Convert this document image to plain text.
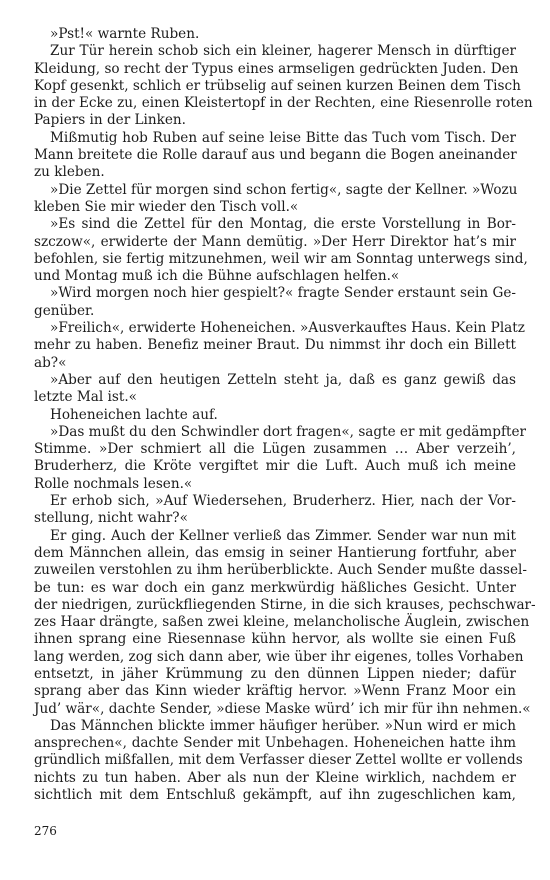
»Pst!« warnte Ruben.
Zur Tür herein schob sich ein kleiner, hagerer Mensch in dürftiger
Kleidung, so recht der Typus eines armseligen gedrückten Juden. Den
Kopf gesenkt, schlich er trübselig auf seinen kurzen Beinen dem Tisch
in der Ecke zu, einen Kleistertopf in der Rechten, eine Riesenrolle roten
Papiers in der Linken.
Mißmutig hob Ruben auf seine leise Bitte das Tuch vom Tisch. Der
Mann breitete die Rolle darauf aus und begann die Bogen aneinander
zu kleben.
»Die Zettel für morgen sind schon fertig«, sagte der Kellner. »Wozu
kleben Sie mir wieder den Tisch voll.«
»Es sind die Zettel für den Montag, die erste Vorstellung in Bor-
szczow«, erwiderte der Mann demütig. »Der Herr Direktor hat’s mir
befohlen, sie fertig mitzunehmen, weil wir am Sonntag unterwegs sind,
und Montag muß ich die Bühne aufschlagen helfen.«
»Wird morgen noch hier gespielt?« fragte Sender erstaunt sein Ge-
genüber.
»Freilich«, erwiderte Hoheneichen. »Ausverkauftes Haus. Kein Platz
mehr zu haben. Benefiz meiner Braut. Du nimmst ihr doch ein Billett
ab?«
»Aber auf den heutigen Zetteln steht ja, daß es ganz gewiß das
letzte Mal ist.«
Hoheneichen lachte auf.
»Das mußt du den Schwindler dort fragen«, sagte er mit gedämpfter
Stimme. »Der schmiert all die Lügen zusammen … Aber verzeih’,
Bruderherz, die Kröte vergiftet mir die Luft. Auch muß ich meine
Rolle nochmals lesen.«
Er erhob sich, »Auf Wiedersehen, Bruderherz. Hier, nach der Vor-
stellung, nicht wahr?«
Er ging. Auch der Kellner verließ das Zimmer. Sender war nun mit
dem Männchen allein, das emsig in seiner Hantierung fortfuhr, aber
zuweilen verstohlen zu ihm herüberblickte. Auch Sender mußte dassel-
be tun: es war doch ein ganz merkwürdig häßliches Gesicht. Unter
der niedrigen, zurückfliegenden Stirne, in die sich krauses, pechschwar-
zes Haar drängte, saßen zwei kleine, melancholische Äuglein, zwischen
ihnen sprang eine Riesennase kühn hervor, als wollte sie einen Fuß
lang werden, zog sich dann aber, wie über ihr eigenes, tolles Vorhaben
entsetzt, in jäher Krümmung zu den dünnen Lippen nieder; dafür
sprang aber das Kinn wieder kräftig hervor. »Wenn Franz Moor ein
Jud’ wär«, dachte Sender, »diese Maske würd’ ich mir für ihn nehmen.«
Das Männchen blickte immer häufiger herüber. »Nun wird er mich
ansprechen«, dachte Sender mit Unbehagen. Hoheneichen hatte ihm
gründlich mißfallen, mit dem Verfasser dieser Zettel wollte er vollends
nichts zu tun haben. Aber als nun der Kleine wirklich, nachdem er
sichtlich mit dem Entschluß gekämpft, auf ihn zugeschlichen kam,
276
